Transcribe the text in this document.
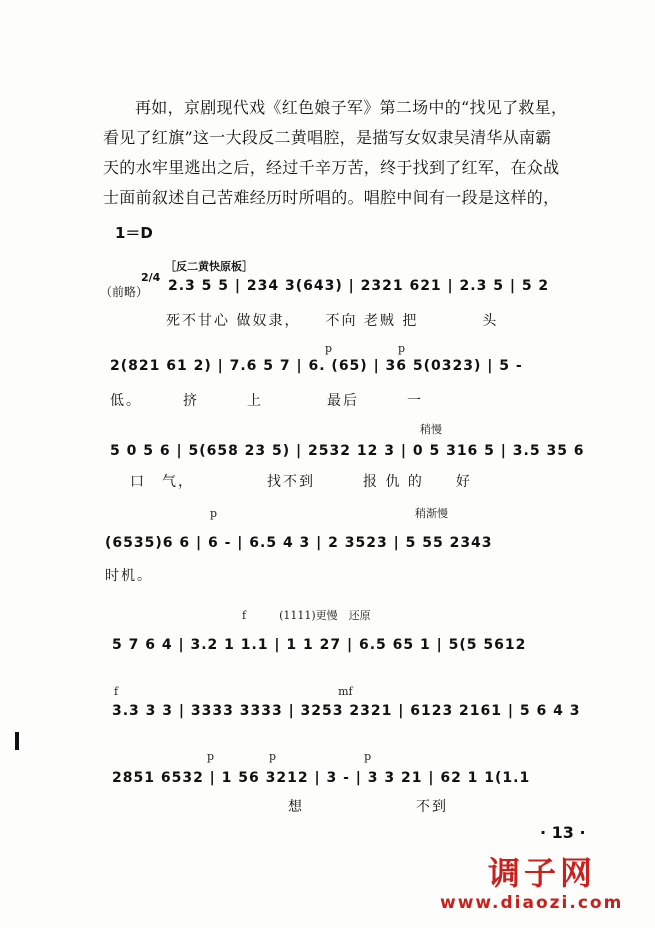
再如，京剧现代戏《红色娘子军》第二场中的“找见了救星，

看见了红旗”这一大段反二黄唱腔，是描写女奴隶吴清华从南霸

天的水牢里逃出之后，经过千辛万苦，终于找到了红军，在众战

士面前叙述自己苦难经历时所唱的。唱腔中间有一段是这样的，

1＝D
［反二黄快原板］
（前略）
2/4
2.3 5 5 | 234 3(643) | 2321 621 | 2.3 5 | 5 2
死不甘心 做奴隶，　　不向 老贼 把　　　　头
p　　　　　　p
2(821 61 2) | 7.6 5 7 | 6. (65) | 36 5(0323) | 5 -
低。　　　挤　　　上　　　　最后　　　一
稍慢
5 0 5 6 | 5(658 23 5) | 2532 12 3 | 0 5 316 5 | 3.5 35 6
口　气，　　　　　找不到　　　报 仇 的　　好
p　　　　　　　　　　　　　　　　　　稍渐慢
(6535)6 6 | 6 - | 6.5 4 3 | 2 3523 | 5 55 2343
时机。
f　　　(1111)更慢　还原
5 7 6 4 | 3.2 1 1.1 | 1 1 27 | 6.5 65 1 | 5(5 5612
f　　　　　　　　　　　　　　　　　　　　mf
3.3 3 3 | 3333 3333 | 3253 2321 | 6123 2161 | 5 6 4 3
p　　　　　p　　　　　　　　p
2851 6532 | 1 56 3212 | 3 - | 3 3 21 | 62 1 1(1.1
　　　　　　　　　　　想　　　　　　　不到
· 13 ·
调子网
www.diaozi.com
